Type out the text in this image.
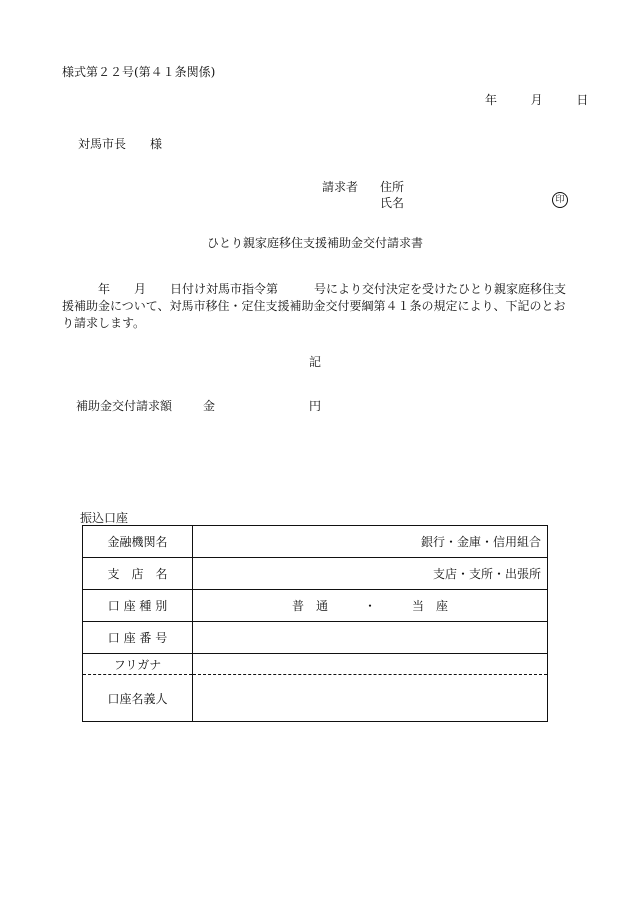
様式第２２号(第４１条関係)
年	月	日
対馬市長　　様
請求者 住所
氏名	印
ひとり親家庭移住支援補助金交付請求書
年　　月　　日付け対馬市指令第　　　号により交付決定を受けたひとり親家庭移住支援補助金について、対馬市移住・定住支援補助金交付要綱第４１条の規定により、下記のとおり請求します。
記
補助金交付請求額	金	円
振込口座
金融機関名	銀行・金庫・信用組合
支　店　名	支店・支所・出張所
口 座 種 別	普　通　　　・　　　当　座
口 座 番 号	
フリガナ	
口座名義人	
